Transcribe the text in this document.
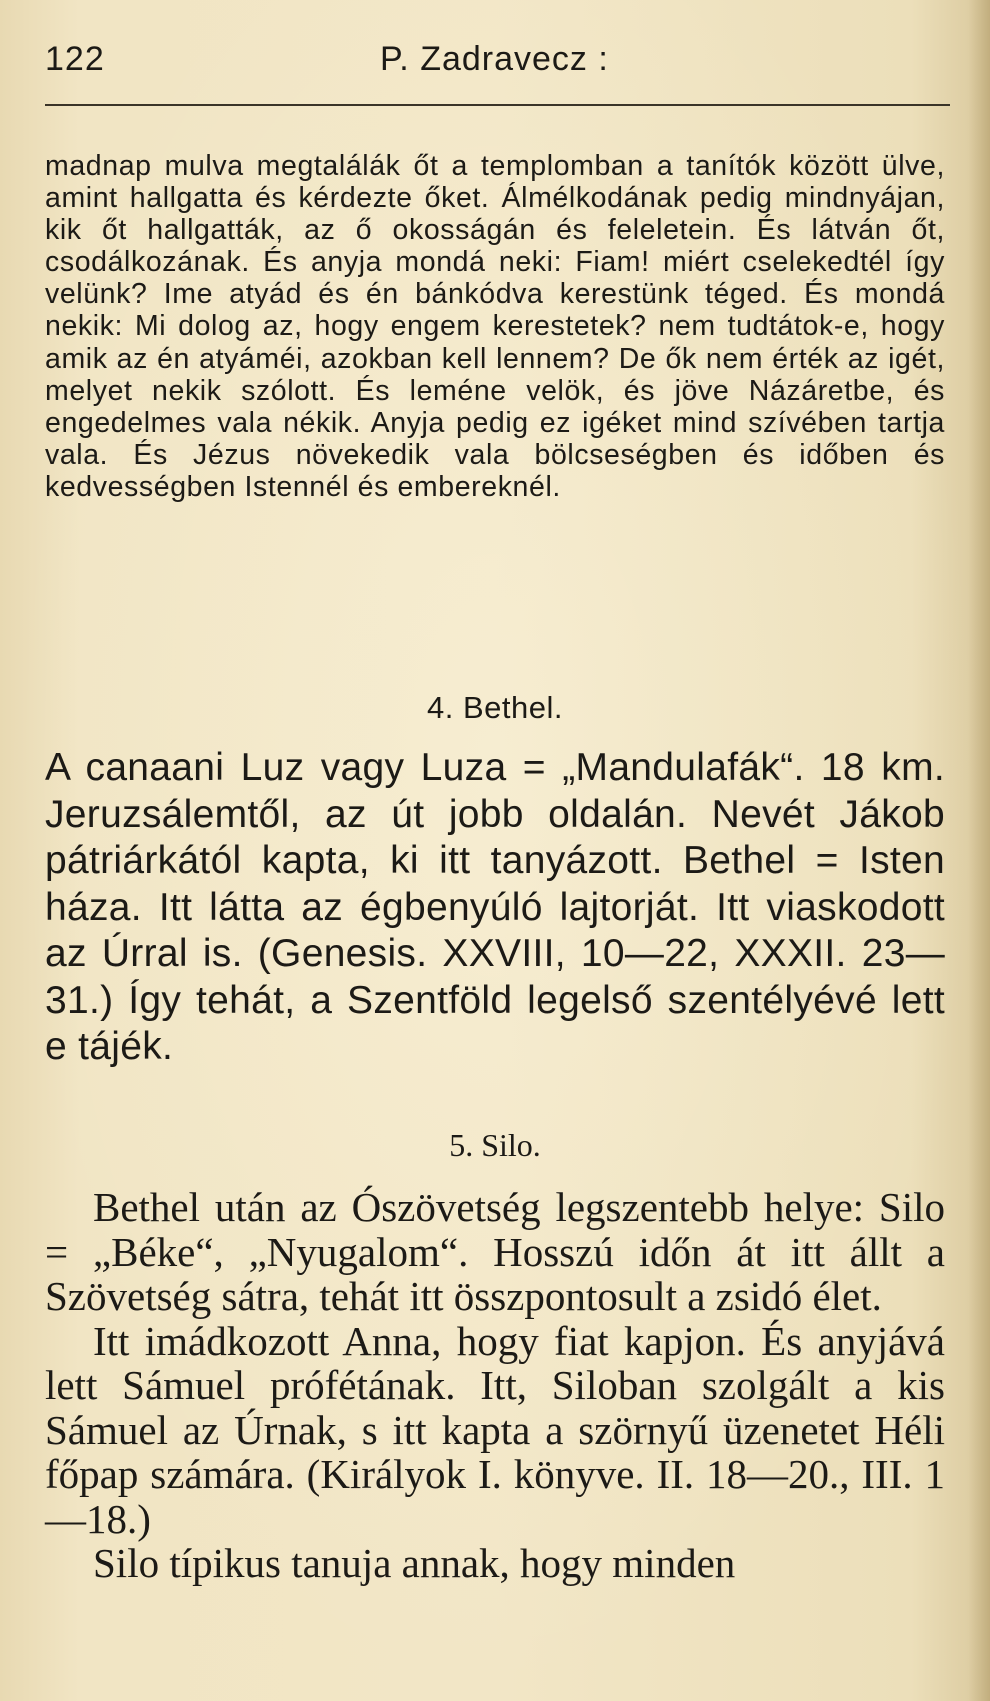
122	P. Zadravecz :

madnap mulva megtalálák őt a templomban a tanítók között ülve, amint hallgatta és kérdezte őket. Álmélkodának pedig mindnyájan, kik őt hallgatták, az ő okosságán és feleletein. És látván őt, csodálkozának. És anyja mondá neki: Fiam! miért cselekedtél így velünk? Ime atyád és én bánkódva kerestünk téged. És mondá nekik: Mi dolog az, hogy engem kerestetek? nem tudtátok-e, hogy amik az én atyáméi, azokban kell lennem? De ők nem érték az igét, melyet nekik szólott. És leméne velök, és jöve Názáretbe, és engedelmes vala nékik. Anyja pedig ez igéket mind szívében tartja vala. És Jézus növekedik vala bölcseségben és időben és kedvességben Istennél és embereknél.

4. Bethel.

A canaani Luz vagy Luza = „Mandulafák“. 18 km. Jeruzsálemtől, az út jobb oldalán. Nevét Jákob pátriárkától kapta, ki itt tanyázott. Bethel = Isten háza. Itt látta az égbenyúló lajtorját. Itt viaskodott az Úrral is. (Genesis. XXVIII, 10—22, XXXII. 23—31.) Így tehát, a Szentföld legelső szentélyévé lett e tájék.

5. Silo.

Bethel után az Ószövetség legszentebb helye: Silo = „Béke“, „Nyugalom“. Hosszú időn át itt állt a Szövetség sátra, tehát itt összpontosult a zsidó élet.

Itt imádkozott Anna, hogy fiat kapjon. És anyjává lett Sámuel prófétának. Itt, Siloban szolgált a kis Sámuel az Úrnak, s itt kapta a szörnyű üzenetet Héli főpap számára. (Királyok I. könyve. II. 18—20., III. 1—18.)

Silo típikus tanuja annak, hogy minden
